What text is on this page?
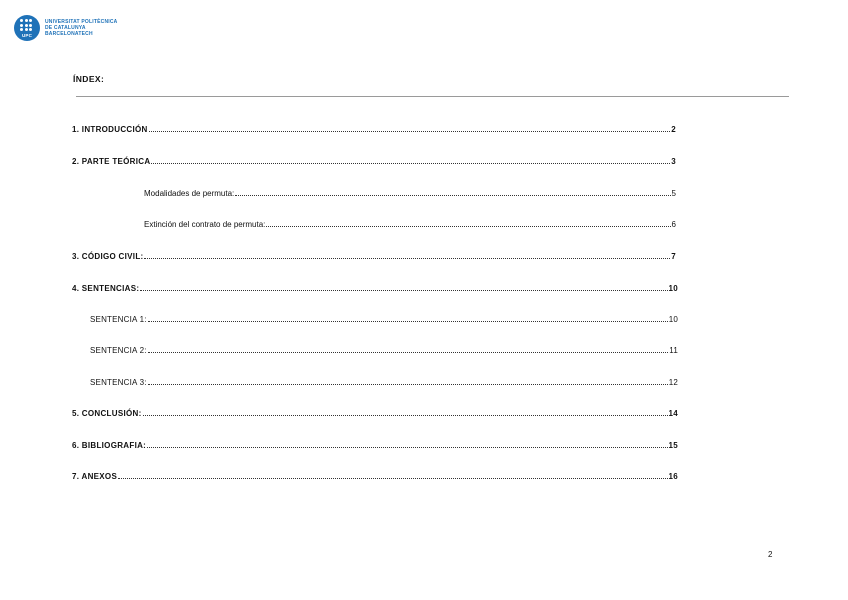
UPC
UNIVERSITAT POLITÈCNICA
DE CATALUNYA
BARCELONATECH
ÍNDEX:
1. INTRODUCCIÓN	2
2. PARTE TEÓRICA	3
Modalidades de permuta:	5
Extinción del contrato de permuta:	6
3. CÓDIGO CIVIL:	7
4. SENTENCIAS:	10
SENTENCIA 1:	10
SENTENCIA 2:	11
SENTENCIA 3:	12
5. CONCLUSIÓN:	14
6. BIBLIOGRAFIA:	15
7. ANEXOS	16
2
